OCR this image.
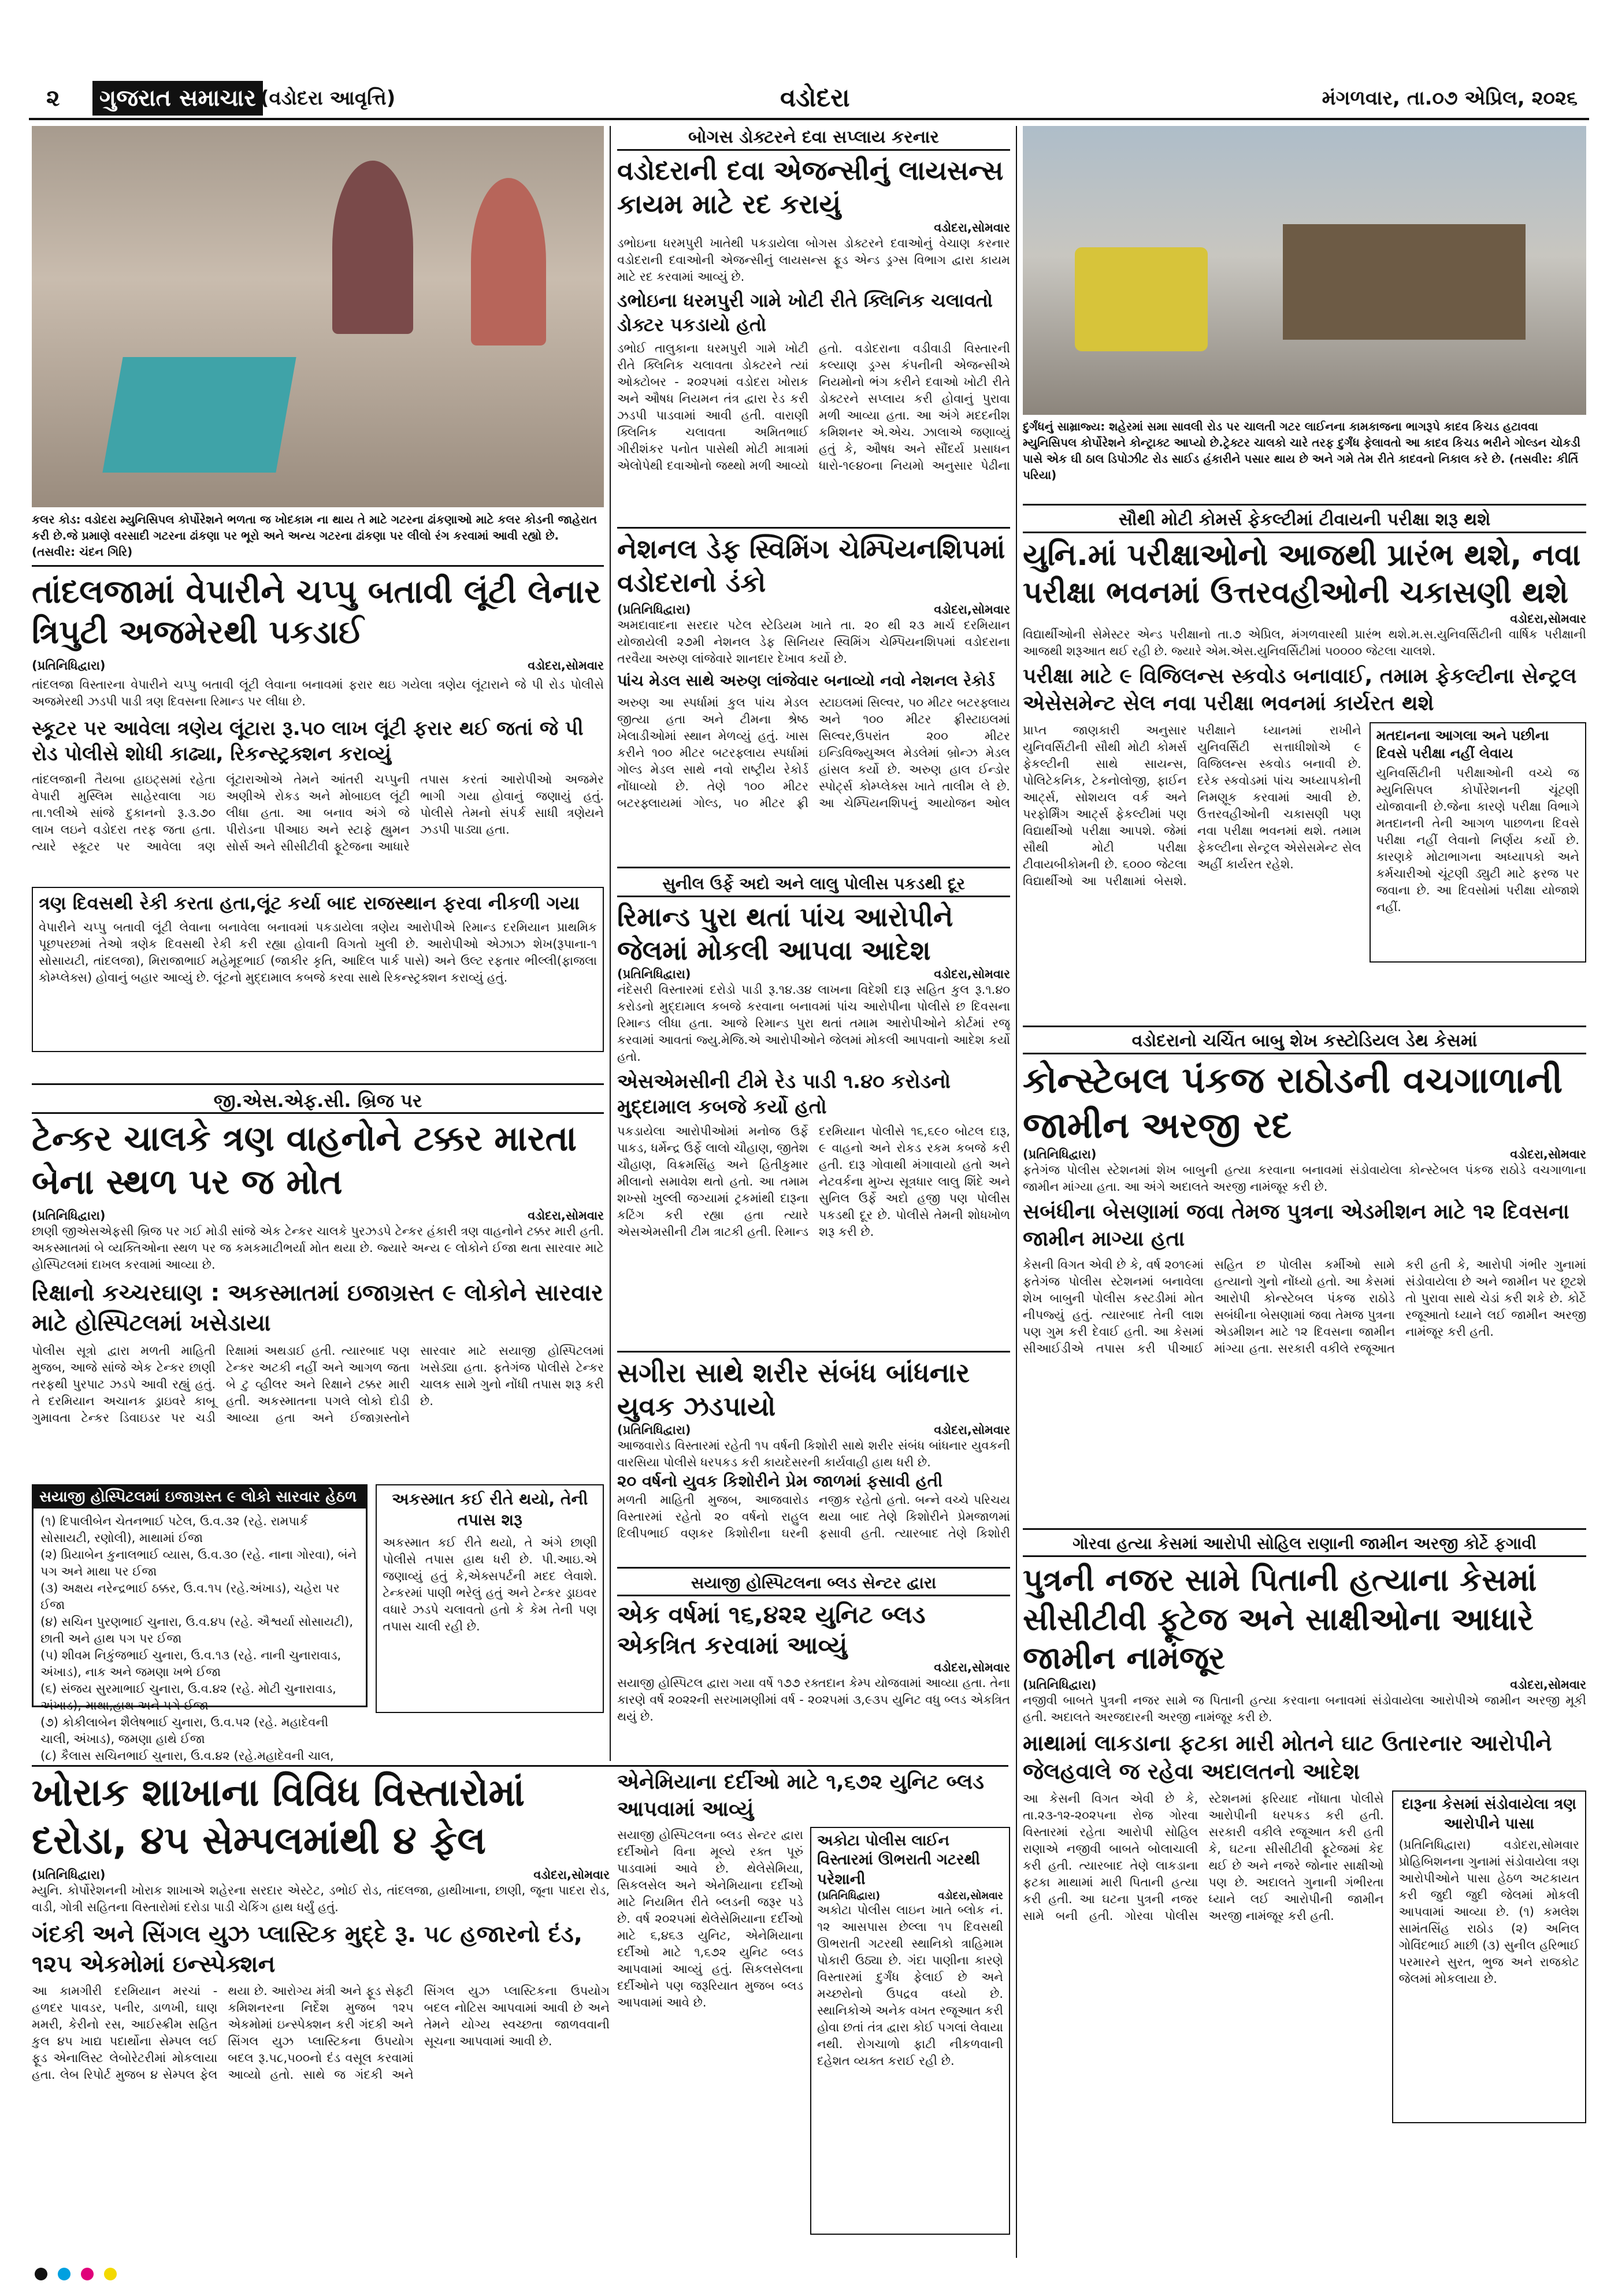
૨	ગુજરાત સમાચાર (વડોદરા આવૃત્તિ)	વડોદરા	મંગળવાર, તા.૦૭ એપ્રિલ, ૨૦૨૬
કલર કોડ: વડોદરા મ્યુનિસિપલ કોર્પોરેશને ભળતા જ ખોદકામ ના થાય તે માટે ગટરના ઢાંકણાઓ માટે કલર કોડની જાહેરાત કરી છે.જે પ્રમાણે વરસાદી ગટરના ઢાંકણા પર ભૂરો અને અન્ય ગટરના ઢાંકણા પર લીલો રંગ કરવામાં આવી રહ્યો છે. (તસવીર: ચંદન ગિરિ)
તાંદલજામાં વેપારીને ચપ્પુ બતાવી લૂંટી લેનાર ત્રિપુટી અજમેરથી પકડાઈ
(પ્રતિનિધિદ્વારા)	વડોદરા,સોમવાર
તાંદલજા વિસ્તારના વેપારીને ચપ્પુ બતાવી લૂંટી લેવાના બનાવમાં ફરાર થઇ ગયેલા ત્રણેય લૂંટારાને જે પી રોડ પોલીસે અજમેરથી ઝડપી પાડી ત્રણ દિવસના રિમાન્ડ પર લીધા છે.
સ્કૂટર પર આવેલા ત્રણેય લૂંટારા રૂ.૫૦ લાખ લૂંટી ફરાર થઈ જતાં જે પી રોડ પોલીસે શોધી કાઢ્યા, રિકન્સ્ટ્રક્શન કરાવ્યું
તાંદલજાની તૈયબા હાઇટ્સમાં રહેતા વેપારી મુસ્લિમ સાહેરવાલા ગઇ તા.૧લીએ સાંજે દુકાનનો રૂ.૩.૭૦ લાખ લઇને વડોદરા તરફ જતા હતા. ત્યારે સ્કૂટર પર આવેલા ત્રણ લૂંટારાઓએ તેમને આંતરી ચપ્પુની અણીએ રોકડ અને મોબાઇલ લૂંટી લીધા હતા. આ બનાવ અંગે જે પીરોડના પીઆઇ અને સ્ટાફે હ્યુમન સોર્સ અને સીસીટીવી ફૂટેજના આધારે તપાસ કરતાં આરોપીઓ અજમેર ભાગી ગયા હોવાનું જણાયું હતું. પોલીસે તેમનો સંપર્ક સાધી ત્રણેયને ઝડપી પાડ્યા હતા.
ત્રણ દિવસથી રેકી કરતા હતા,લૂંટ કર્યા બાદ રાજસ્થાન ફરવા નીકળી ગયા
વેપારીને ચપ્પુ બતાવી લૂંટી લેવાના બનાવેલા બનાવમાં પકડાયેલા ત્રણેય આરોપીએ રિમાન્ડ દરમિયાન પ્રાથમિક પૂછપરછમાં તેઓ ત્રણેક દિવસથી રેકી કરી રહ્યા હોવાની વિગતો ખુલી છે. આરોપીઓ એઝાઝ શેખ(રૂપાના-૧ સોસાયટી, તાંદલજા), મિરાજાભાઈ મહેમૂદભાઈ (જાકીર કૃતિ, આદિલ પાર્ક પાસે) અને ઉલ્ટ રફતાર ભીલ્લી(ફાજલા કોમ્પ્લેક્સ) હોવાનું બહાર આવ્યું છે. લૂંટનો મુદ્દામાલ કબજે કરવા સાથે રિકન્સ્ટ્રક્શન કરાવ્યું હતું.
જી.એસ.એફ.સી. બ્રિજ પર
ટેન્કર ચાલકે ત્રણ વાહનોને ટક્કર મારતા બેના સ્થળ પર જ મોત
(પ્રતિનિધિદ્વારા)	વડોદરા,સોમવાર
છાણી જીએસએફસી બ્રિજ પર ગઈ મોડી સાંજે એક ટેન્કર ચાલકે પુરઝડપે ટેન્કર હંકારી ત્રણ વાહનોને ટક્કર મારી હતી. અકસ્માતમાં બે વ્યક્તિઓના સ્થળ પર જ કમકમાટીભર્યા મોત થયા છે. જ્યારે અન્ય ૯ લોકોને ઈજા થતા સારવાર માટે હોસ્પિટલમાં દાખલ કરવામાં આવ્યા છે.
રિક્ષાનો કચ્ચરઘાણ : અકસ્માતમાં ઇજાગ્રસ્ત ૯ લોકોને સારવાર માટે હોસ્પિટલમાં ખસેડાયા
પોલીસ સૂત્રો દ્વારા મળતી માહિતી મુજબ, આજે સાંજે એક ટેન્કર છાણી તરફથી પુરપાટ ઝડપે આવી રહ્યું હતું. તે દરમિયાન અચાનક ડ્રાઇવરે કાબૂ ગુમાવતા ટેન્કર ડિવાઇડર પર ચડી રિક્ષામાં અથડાઈ હતી. ત્યારબાદ પણ ટેન્કર અટકી નહીં અને આગળ જતા બે ટુ વ્હીલર અને રિક્ષાને ટક્કર મારી હતી. અકસ્માતના પગલે લોકો દોડી આવ્યા હતા અને ઈજાગ્રસ્તોને સારવાર માટે સયાજી હોસ્પિટલમાં ખસેડ્યા હતા. ફતેગંજ પોલીસે ટેન્કર ચાલક સામે ગુનો નોંધી તપાસ શરૂ કરી છે.
સયાજી હોસ્પિટલમાં ઇજાગ્રસ્ત ૯ લોકો સારવાર હેઠળ
(૧) દિપાલીબેન ચેતનભાઈ પટેલ, ઉ.વ.૩૨ (રહે. રામપાર્ક સોસાયટી, રણોલી), માથામાં ઈજા
(૨) પ્રિયાબેન કુનાલભાઈ વ્યાસ, ઉ.વ.૩૦ (રહે. નાના ગોરવા), બંને પગ અને માથા પર ઈજા
(૩) અક્ષય નરેન્દ્રભાઈ ઠક્કર, ઉ.વ.૧૫ (રહે.અંખાડ), ચહેરા પર ઈજા
(૪) સચિન પુરણભાઈ ચુનારા, ઉ.વ.૪૫ (રહે. ઐશ્વર્યા સોસાયટી), છાતી અને હાથ પગ પર ઈજા
(૫) શીવમ નિકુંજભાઈ ચુનારા, ઉ.વ.૧૩ (રહે. નાની ચુનારાવાડ, અંખાડ), નાક અને જમણા ખભે ઈજા
(૬) સંજય સુરમાભાઈ ચુનારા, ઉ.વ.૪૨ (રહે. મોટી ચુનારાવાડ, અંખાડ), માથા,હાથ અને પગે ઈજા
(૭) કોકીલાબેન શૈલેષભાઈ ચુનારા, ઉ.વ.૫૨ (રહે. મહાદેવની ચાલી, અંખાડ), જમણા હાથે ઈજા
(૮) કૈલાસ સચિનભાઈ ચુનારા, ઉ.વ.૪૨ (રહે.મહાદેવની ચાલ,
અકસ્માત કઈ રીતે થયો, તેની તપાસ શરૂ
અકસ્માત કઈ રીતે થયો, તે અંગે છાણી પોલીસે તપાસ હાથ ધરી છે. પી.આઇ.એ જણાવ્યું હતું કે,એક્સપર્ટની મદદ લેવાશે. ટેન્કરમાં પાણી ભરેલું હતું અને ટેન્કર ડ્રાઇવર વધારે ઝડપે ચલાવતો હતો કે કેમ તેની પણ તપાસ ચાલી રહી છે.
બોગસ ડોક્ટરને દવા સપ્લાય કરનાર
વડોદરાની દવા એજન્સીનું લાયસન્સ કાયમ માટે રદ કરાયું
વડોદરા,સોમવાર
ડભોઇના ધરમપુરી ખાતેથી પકડાયેલા બોગસ ડોક્ટરને દવાઓનું વેચાણ કરનાર વડોદરાની દવાઓની એજન્સીનું લાયસન્સ ફૂડ એન્ડ ડ્રગ્સ વિભાગ દ્વારા કાયમ માટે રદ કરવામાં આવ્યું છે.
ડભોઇના ધરમપુરી ગામે ખોટી રીતે ક્લિનિક ચલાવતો ડોક્ટર પકડાયો હતો
ડભોઈ તાલુકાના ધરમપુરી ગામે ખોટી રીતે ક્લિનિક ચલાવતા ડોક્ટરને ત્યાં ઓક્ટોબર - ૨૦૨૫માં વડોદરા ખોરાક અને ઔષધ નિયમન તંત્ર દ્વારા રેડ કરી ઝડપી પાડવામાં આવી હતી. વારાણી ક્લિનિક ચલાવતા અમિતભાઈ ગીરીશંકર પનોત પાસેથી મોટી માત્રામાં એલોપેથી દવાઓનો જથ્થો મળી આવ્યો હતો. વડોદરાના વડીવાડી વિસ્તારની કલ્યાણ ડ્રગ્સ કંપનીની એજન્સીએ નિયમોનો ભંગ કરીને દવાઓ ખોટી રીતે ડોક્ટરને સપ્લાય કરી હોવાનું પુરાવા મળી આવ્યા હતા. આ અંગે મદદનીશ કમિશનર એ.એચ. ઝાલાએ જણાવ્યું હતું કે, ઔષધ અને સૌંદર્ય પ્રસાધન ધારો-૧૯૪૦ના નિયમો અનુસાર પેઢીના
નેશનલ ડેફ સ્વિમિંગ ચેમ્પિયનશિપમાં વડોદરાનો ડંકો
(પ્રતિનિધિદ્વારા)	વડોદરા,સોમવાર
અમદાવાદના સરદાર પટેલ સ્ટેડિયમ ખાતે તા. ૨૦ થી ૨૩ માર્ચ દરમિયાન યોજાયેલી ૨૭મી નેશનલ ડેફ સિનિયર સ્વિમિંગ ચેમ્પિયનશિપમાં વડોદરાના તરવૈયા અરુણ લાંજેવારે શાનદાર દેખાવ કર્યો છે.
પાંચ મેડલ સાથે અરુણ લાંજેવાર બનાવ્યો નવો નેશનલ રેકોર્ડ
અરુણ આ સ્પર્ધામાં કુલ પાંચ મેડલ જીત્યા હતા અને ટીમના શ્રેષ્ઠ ખેલાડીઓમાં સ્થાન મેળવ્યું હતું. ખાસ કરીને ૧૦૦ મીટર બટરફ્લાય સ્પર્ધામાં ગોલ્ડ મેડલ સાથે નવો રાષ્ટ્રીય રેકોર્ડ નોંધાવ્યો છે. તેણે ૧૦૦ મીટર બટરફ્લાયમાં ગોલ્ડ, ૫૦ મીટર ફ્રી સ્ટાઇલમાં સિલ્વર, ૫૦ મીટર બટરફ્લાય અને ૧૦૦ મીટર ફ્રીસ્ટાઇલમાં સિલ્વર,ઉપરાંત ૨૦૦ મીટર ઇન્ડિવિજ્યુઅલ મેડલેમાં બ્રોન્ઝ મેડલ હાંસલ કર્યો છે. અરુણ હાલ ઈન્ડોર સ્પોર્ટ્સ કોમ્પ્લેક્સ ખાતે તાલીમ લે છે. આ ચેમ્પિયનશિપનું આયોજન ઓલ
સુનીલ ઉર્ફે અદો અને લાલુ પોલીસ પકડથી દૂર
રિમાન્ડ પુરા થતાં પાંચ આરોપીને જેલમાં મોકલી આપવા આદેશ
(પ્રતિનિધિદ્વારા)	વડોદરા,સોમવાર
નંદેસરી વિસ્તારમાં દરોડો પાડી રૂ.૧૪.૩૪ લાખના વિદેશી દારૂ સહિત કુલ રૂ.૧.૪૦ કરોડનો મુદ્દામાલ કબજે કરવાના બનાવમાં પાંચ આરોપીના પોલીસે છ દિવસના રિમાન્ડ લીધા હતા. આજે રિમાન્ડ પુરા થતાં તમામ આરોપીઓને કોર્ટમાં રજૂ કરવામાં આવતાં જ્યુ.મેજિ.એ આરોપીઓને જેલમાં મોકલી આપવાનો આદેશ કર્યો હતો.
એસએમસીની ટીમે રેડ પાડી ૧.૪૦ કરોડનો મુદ્દામાલ કબજે કર્યો હતો
પકડાયેલા આરોપીઓમાં મનોજ ઉર્ફે પાકડ, ધર્મેન્દ્ર ઉર્ફે લાલો ચૌહાણ, જીતેશ ચૌહાણ, વિક્રમસિંહ અને હિતીકુમાર મીલાનો સમાવેશ થતો હતો. આ તમામ શખ્સો ખુલ્લી જગ્યામાં ટ્રકમાંથી દારૂના કટિંગ કરી રહ્યા હતા ત્યારે એસએમસીની ટીમ ત્રાટકી હતી. રિમાન્ડ દરમિયાન પોલીસે ૧૬,૬૯૦ બોટલ દારૂ, ૯ વાહનો અને રોકડ રકમ કબજે કરી હતી. દારૂ ગોવાથી મંગાવાયો હતો અને નેટવર્કના મુખ્ય સૂત્રધાર લાલુ શિંદે અને સુનિલ ઉર્ફે અદો હજી પણ પોલીસ પકડથી દૂર છે. પોલીસે તેમની શોધખોળ શરૂ કરી છે.
સગીરા સાથે શરીર સંબંધ બાંધનાર યુવક ઝડપાયો
(પ્રતિનિધિદ્વારા)	વડોદરા,સોમવાર
આજવારોડ વિસ્તારમાં રહેતી ૧૫ વર્ષની કિશોરી સાથે શરીર સંબંધ બાંધનાર યુવકની વારસિયા પોલીસે ધરપકડ કરી કાયદેસરની કાર્યવાહી હાથ ધરી છે.
૨૦ વર્ષનો યુવક કિશોરીને પ્રેમ જાળમાં ફસાવી હતી
મળતી માહિતી મુજબ, આજવારોડ વિસ્તારમાં રહેતો ૨૦ વર્ષનો રાહુલ દિલીપભાઈ વણકર કિશોરીના ઘરની નજીક રહેતો હતો. બન્ને વચ્ચે પરિચય થયા બાદ તેણે કિશોરીને પ્રેમજાળમાં ફસાવી હતી. ત્યારબાદ તેણે કિશોરી
સયાજી હોસ્પિટલના બ્લડ સેન્ટર દ્વારા
એક વર્ષમાં ૧૬,૪૨૨ યુનિટ બ્લડ એકત્રિત કરવામાં આવ્યું
વડોદરા,સોમવાર
સયાજી હોસ્પિટલ દ્વારા ગયા વર્ષે ૧૭૭ રક્તદાન કેમ્પ યોજવામાં આવ્યા હતા. તેના કારણે વર્ષ ૨૦૨૨ની સરખામણીમાં વર્ષ - ૨૦૨૫માં ૩,૯૩૫ યુનિટ વધુ બ્લડ એકત્રિત થયું છે.
દુર્ગંધનું સામ્રાજ્ય: શહેરમાં સમા સાવલી રોડ પર ચાલતી ગટર લાઈનના કામકાજના ભાગરૂપે કાદવ કિચડ હટાવવા મ્યુનિસિપલ કોર્પોરેશને કોન્ટ્રાક્ટ આપ્યો છે.ટ્રેક્ટર ચાલકો ચારે તરફ દુર્ગંધ ફેલાવતો આ કાદવ કિચડ ભરીને ગોલ્ડન ચોકડી પાસે એક ઘી ઠાલ ડિપોઝીટ રોડ સાઈડ હંકારીને પસાર થાય છે અને ગમે તેમ રીતે કાદવનો નિકાલ કરે છે. (તસવીર: કીર્તિ પરિયા)
સૌથી મોટી કોમર્સ ફેકલ્ટીમાં ટીવાયની પરીક્ષા શરૂ થશે
યુનિ.માં પરીક્ષાઓનો આજથી પ્રારંભ થશે, નવા પરીક્ષા ભવનમાં ઉત્તરવહીઓની ચકાસણી થશે
વડોદરા,સોમવાર
વિદ્યાર્થીઓની સેમેસ્ટર એન્ડ પરીક્ષાનો તા.૭ એપ્રિલ, મંગળવારથી પ્રારંભ થશે.મ.સ.યુનિવર્સિટીની વાર્ષિક પરીક્ષાની આજથી શરૂઆત થઈ રહી છે. જ્યારે એમ.એસ.યુનિવર્સિટીમાં ૫૦૦૦૦ જેટલા ચાલશે.
પરીક્ષા માટે ૯ વિજિલન્સ સ્કવોડ બનાવાઈ, તમામ ફેકલ્ટીના સેન્ટ્રલ એસેસમેન્ટ સેલ નવા પરીક્ષા ભવનમાં કાર્યરત થશે
પ્રાપ્ત જાણકારી અનુસાર યુનિવર્સિટીની સૌથી મોટી કોમર્સ ફેકલ્ટીની સાથે સાયન્સ, પોલિટેકનિક, ટેકનોલોજી, ફાઈન આર્ટ્સ, સોશયલ વર્ક અને પરફોર્મિંગ આર્ટ્સ ફેકલ્ટીમાં પણ વિદ્યાર્થીઓ પરીક્ષા આપશે. જેમાં સૌથી મોટી પરીક્ષા ટીવાયબીકોમની છે. ૬૦૦૦ જેટલા વિદ્યાર્થીઓ આ પરીક્ષામાં બેસશે. પરીક્ષાને ધ્યાનમાં રાખીને યુનિવર્સિટી સત્તાધીશોએ ૯ વિજિલન્સ સ્કવોડ બનાવી છે. દરેક સ્કવોડમાં પાંચ અધ્યાપકોની નિમણૂક કરવામાં આવી છે. ઉત્તરવહીઓની ચકાસણી પણ નવા પરીક્ષા ભવનમાં થશે. તમામ ફેકલ્ટીના સેન્ટ્રલ એસેસમેન્ટ સેલ અહીં કાર્યરત રહેશે.
મતદાનના આગલા અને પછીના દિવસે પરીક્ષા નહીં લેવાય
યુનિવર્સિટીની પરીક્ષાઓની વચ્ચે જ મ્યુનિસિપલ કોર્પોરેશનની ચૂંટણી યોજાવાની છે.જેના કારણે પરીક્ષા વિભાગે મતદાનની તેની આગળ પાછળના દિવસે પરીક્ષા નહીં લેવાનો નિર્ણય કર્યો છે. કારણકે મોટાભાગના અધ્યાપકો અને કર્મચારીઓ ચૂંટણી ડ્યુટી માટે ફરજ પર જવાના છે. આ દિવસોમાં પરીક્ષા યોજાશે નહીં.
વડોદરાનો ચર્ચિત બાબુ શેખ કસ્ટોડિયલ ડેથ કેસમાં
કોન્સ્ટેબલ પંકજ રાઠોડની વચગાળાની જામીન અરજી રદ
(પ્રતિનિધિદ્વારા)	વડોદરા,સોમવાર
ફતેગંજ પોલીસ સ્ટેશનમાં શેખ બાબુની હત્યા કરવાના બનાવમાં સંડોવાયેલા કોન્સ્ટેબલ પંકજ રાઠોડે વચગાળાના જામીન માંગ્યા હતા. આ અંગે અદાલતે અરજી નામંજૂર કરી છે.
સબંધીના બેસણામાં જવા તેમજ પુત્રના એડમીશન માટે ૧૨ દિવસના જામીન માગ્યા હતા
કેસની વિગત એવી છે કે, વર્ષ ૨૦૧૯માં ફતેગંજ પોલીસ સ્ટેશનમાં બનાવેલા શેખ બાબુની પોલીસ કસ્ટડીમાં મોત નીપજ્યું હતું. ત્યારબાદ તેની લાશ પણ ગુમ કરી દેવાઈ હતી. આ કેસમાં સીઆઈડીએ તપાસ કરી પીઆઈ સહિત છ પોલીસ કર્મીઓ સામે હત્યાનો ગુનો નોંધ્યો હતો. આ કેસમાં આરોપી કોન્સ્ટેબલ પંકજ રાઠોડે સબંધીના બેસણામાં જવા તેમજ પુત્રના એડમીશન માટે ૧૨ દિવસના જામીન માંગ્યા હતા. સરકારી વકીલે રજૂઆત કરી હતી કે, આરોપી ગંભીર ગુનામાં સંડોવાયેલા છે અને જામીન પર છૂટશે તો પુરાવા સાથે ચેડાં કરી શકે છે. કોર્ટે રજૂઆતો ધ્યાને લઈ જામીન અરજી નામંજૂર કરી હતી.
ગોરવા હત્યા કેસમાં આરોપી સોહિલ રાણાની જામીન અરજી કોર્ટે ફગાવી
પુત્રની નજર સામે પિતાની હત્યાના કેસમાં સીસીટીવી ફૂટેજ અને સાક્ષીઓના આધારે જામીન નામંજૂર
(પ્રતિનિધિદ્વારા)	વડોદરા,સોમવાર
નજીવી બાબતે પુત્રની નજર સામે જ પિતાની હત્યા કરવાના બનાવમાં સંડોવાયેલા આરોપીએ જામીન અરજી મૂકી હતી. અદાલતે અરજદારની અરજી નામંજૂર કરી છે.
માથામાં લાકડાના ફટકા મારી મોતને ઘાટ ઉતારનાર આરોપીને જેલહવાલે જ રહેવા અદાલતનો આદેશ
આ કેસની વિગત એવી છે કે, તા.૨૩-૧૨-૨૦૨૫ના રોજ ગોરવા વિસ્તારમાં રહેતા આરોપી સોહિલ રાણાએ નજીવી બાબતે બોલાચાલી કરી હતી. ત્યારબાદ તેણે લાકડાના ફટકા માથામાં મારી પિતાની હત્યા કરી હતી. આ ઘટના પુત્રની નજર સામે બની હતી. ગોરવા પોલીસ સ્ટેશનમાં ફરિયાદ નોંધાતા પોલીસે આરોપીની ધરપકડ કરી હતી. સરકારી વકીલે રજૂઆત કરી હતી કે, ઘટના સીસીટીવી ફૂટેજમાં કેદ થઈ છે અને નજરે જોનાર સાક્ષીઓ પણ છે. અદાલતે ગુનાની ગંભીરતા ધ્યાને લઈ આરોપીની જામીન અરજી નામંજૂર કરી હતી.
દારૂના કેસમાં સંડોવાયેલા ત્રણ આરોપીને પાસા
(પ્રતિનિધિદ્વારા) વડોદરા,સોમવાર પ્રોહિબિશનના ગુનામાં સંડોવાયેલા ત્રણ આરોપીઓને પાસા હેઠળ અટકાયત કરી જુદી જુદી જેલમાં મોકલી આપવામાં આવ્યા છે. (૧) કમલેશ સામંતસિંહ રાઠોડ (૨) અનિલ ગોવિંદભાઈ માછી (૩) સુનીલ હરિભાઈ પરમારને સુરત, ભુજ અને રાજકોટ જેલમાં મોકલાયા છે.
ખોરાક શાખાના વિવિધ વિસ્તારોમાં દરોડા, ૪૫ સેમ્પલમાંથી ૪ ફેલ
(પ્રતિનિધિદ્વારા)	વડોદરા,સોમવાર
મ્યુનિ. કોર્પોરેશનની ખોરાક શાખાએ શહેરના સરદાર એસ્ટેટ, ડભોઈ રોડ, તાંદલજા, હાથીખાના, છાણી, જૂના પાદરા રોડ, વાડી, ગોત્રી સહિતના વિસ્તારોમાં દરોડા પાડી ચેકિંગ હાથ ધર્યું હતું.
ગંદકી અને સિંગલ યુઝ પ્લાસ્ટિક મુદ્દે રૂ. ૫૮ હજારનો દંડ, ૧૨૫ એકમોમાં ઇન્સ્પેક્શન
આ કામગીરી દરમિયાન મરચાં - હળદર પાવડર, પનીર, ડાળખી, ઘાણ મમરી, કેરીનો રસ, આઈસ્ક્રીમ સહિત કુલ ૪૫ ખાદ્ય પદાર્થોના સેમ્પલ લઈ ફૂડ એનાલિસ્ટ લેબોરેટરીમાં મોકલાયા હતા. લેબ રિપોર્ટ મુજબ ૪ સેમ્પલ ફેલ થયા છે. આરોગ્ય મંત્રી અને ફૂડ સેફ્ટી કમિશનરના નિર્દેશ મુજબ ૧૨૫ એકમોમાં ઇન્સ્પેક્શન કરી ગંદકી અને સિંગલ યુઝ પ્લાસ્ટિકના ઉપયોગ બદલ રૂ.૫૮,૫૦૦નો દંડ વસૂલ કરવામાં આવ્યો હતો. સાથે જ ગંદકી અને સિંગલ યુઝ પ્લાસ્ટિકના ઉપયોગ બદલ નોટિસ આપવામાં આવી છે અને તેમને યોગ્ય સ્વચ્છતા જાળવવાની સૂચના આપવામાં આવી છે.
એનેમિયાના દર્દીઓ માટે ૧,૬૭૨ યુનિટ બ્લડ આપવામાં આવ્યું
સયાજી હોસ્પિટલના બ્લડ સેન્ટર દ્વારા દર્દીઓને વિના મૂલ્યે રક્ત પૂરું પાડવામાં આવે છે. થેલેસેમિયા, સિકલસેલ અને એનેમિયાના દર્દીઓ માટે નિયમિત રીતે બ્લડની જરૂર પડે છે. વર્ષ ૨૦૨૫માં થેલેસેમિયાના દર્દીઓ માટે ૬,૪૬૩ યુનિટ, એનેમિયાના દર્દીઓ માટે ૧,૬૭૨ યુનિટ બ્લડ આપવામાં આવ્યું હતું. સિકલસેલના દર્દીઓને પણ જરૂરિયાત મુજબ બ્લડ આપવામાં આવે છે.
અકોટા પોલીસ લાઈન વિસ્તારમાં ઊભરાતી ગટરથી પરેશાની
(પ્રતિનિધિદ્વારા)	વડોદરા,સોમવાર
અકોટા પોલીસ લાઇન ખાતે બ્લોક નં. ૧૨ આસપાસ છેલ્લા ૧૫ દિવસથી ઊભરાતી ગટરથી સ્થાનિકો ત્રાહિમામ પોકારી ઉઠ્યા છે. ગંદા પાણીના કારણે વિસ્તારમાં દુર્ગંધ ફેલાઈ છે અને મચ્છરોનો ઉપદ્રવ વધ્યો છે. સ્થાનિકોએ અનેક વખત રજૂઆત કરી હોવા છતાં તંત્ર દ્વારા કોઈ પગલાં લેવાયા નથી. રોગચાળો ફાટી નીકળવાની દહેશત વ્યક્ત કરાઈ રહી છે.
